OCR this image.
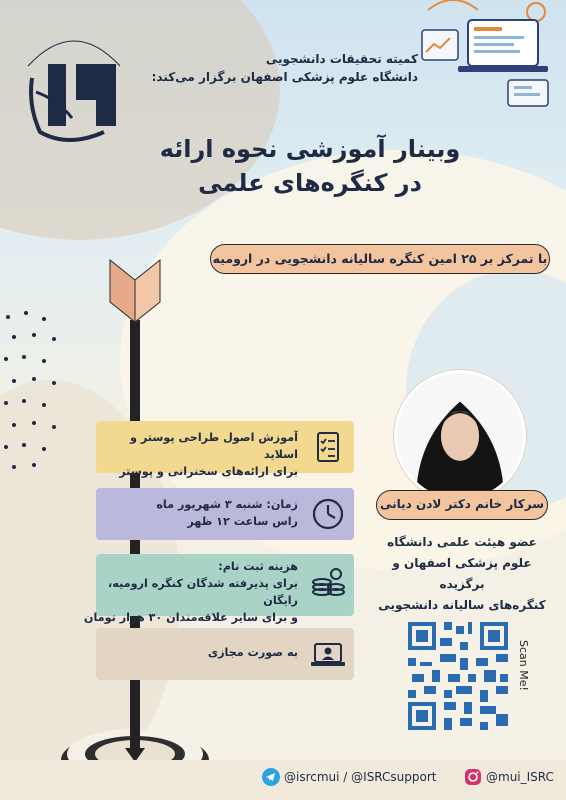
کمیته تحقیقات دانشجویی
دانشگاه علوم پزشکی اصفهان برگزار می‌کند:
وبینار آموزشی نحوه ارائه
در کنگره‌های علمی
با تمرکز بر ۲۵ امین کنگره سالیانه دانشجویی در ارومیه
آموزش اصول طراحی پوستر و اسلاید
برای ارائه‌های سخنرانی و پوستر
زمان: شنبه ۳ شهریور ماه
راس ساعت ۱۲ ظهر
هزینه ثبت نام:
برای پذیرفته شدگان کنگره ارومیه، رایگان
و برای سایر علاقه‌مندان ۳۰ هزار تومان
به صورت مجازی
سرکار خانم دکتر لادن دیانی
عضو هیئت علمی دانشگاه
علوم پزشکی اصفهان و برگزیده
کنگره‌های سالیانه دانشجویی
Scan Me!
@isrcmui / @ISRCsupport	@mui_ISRC
